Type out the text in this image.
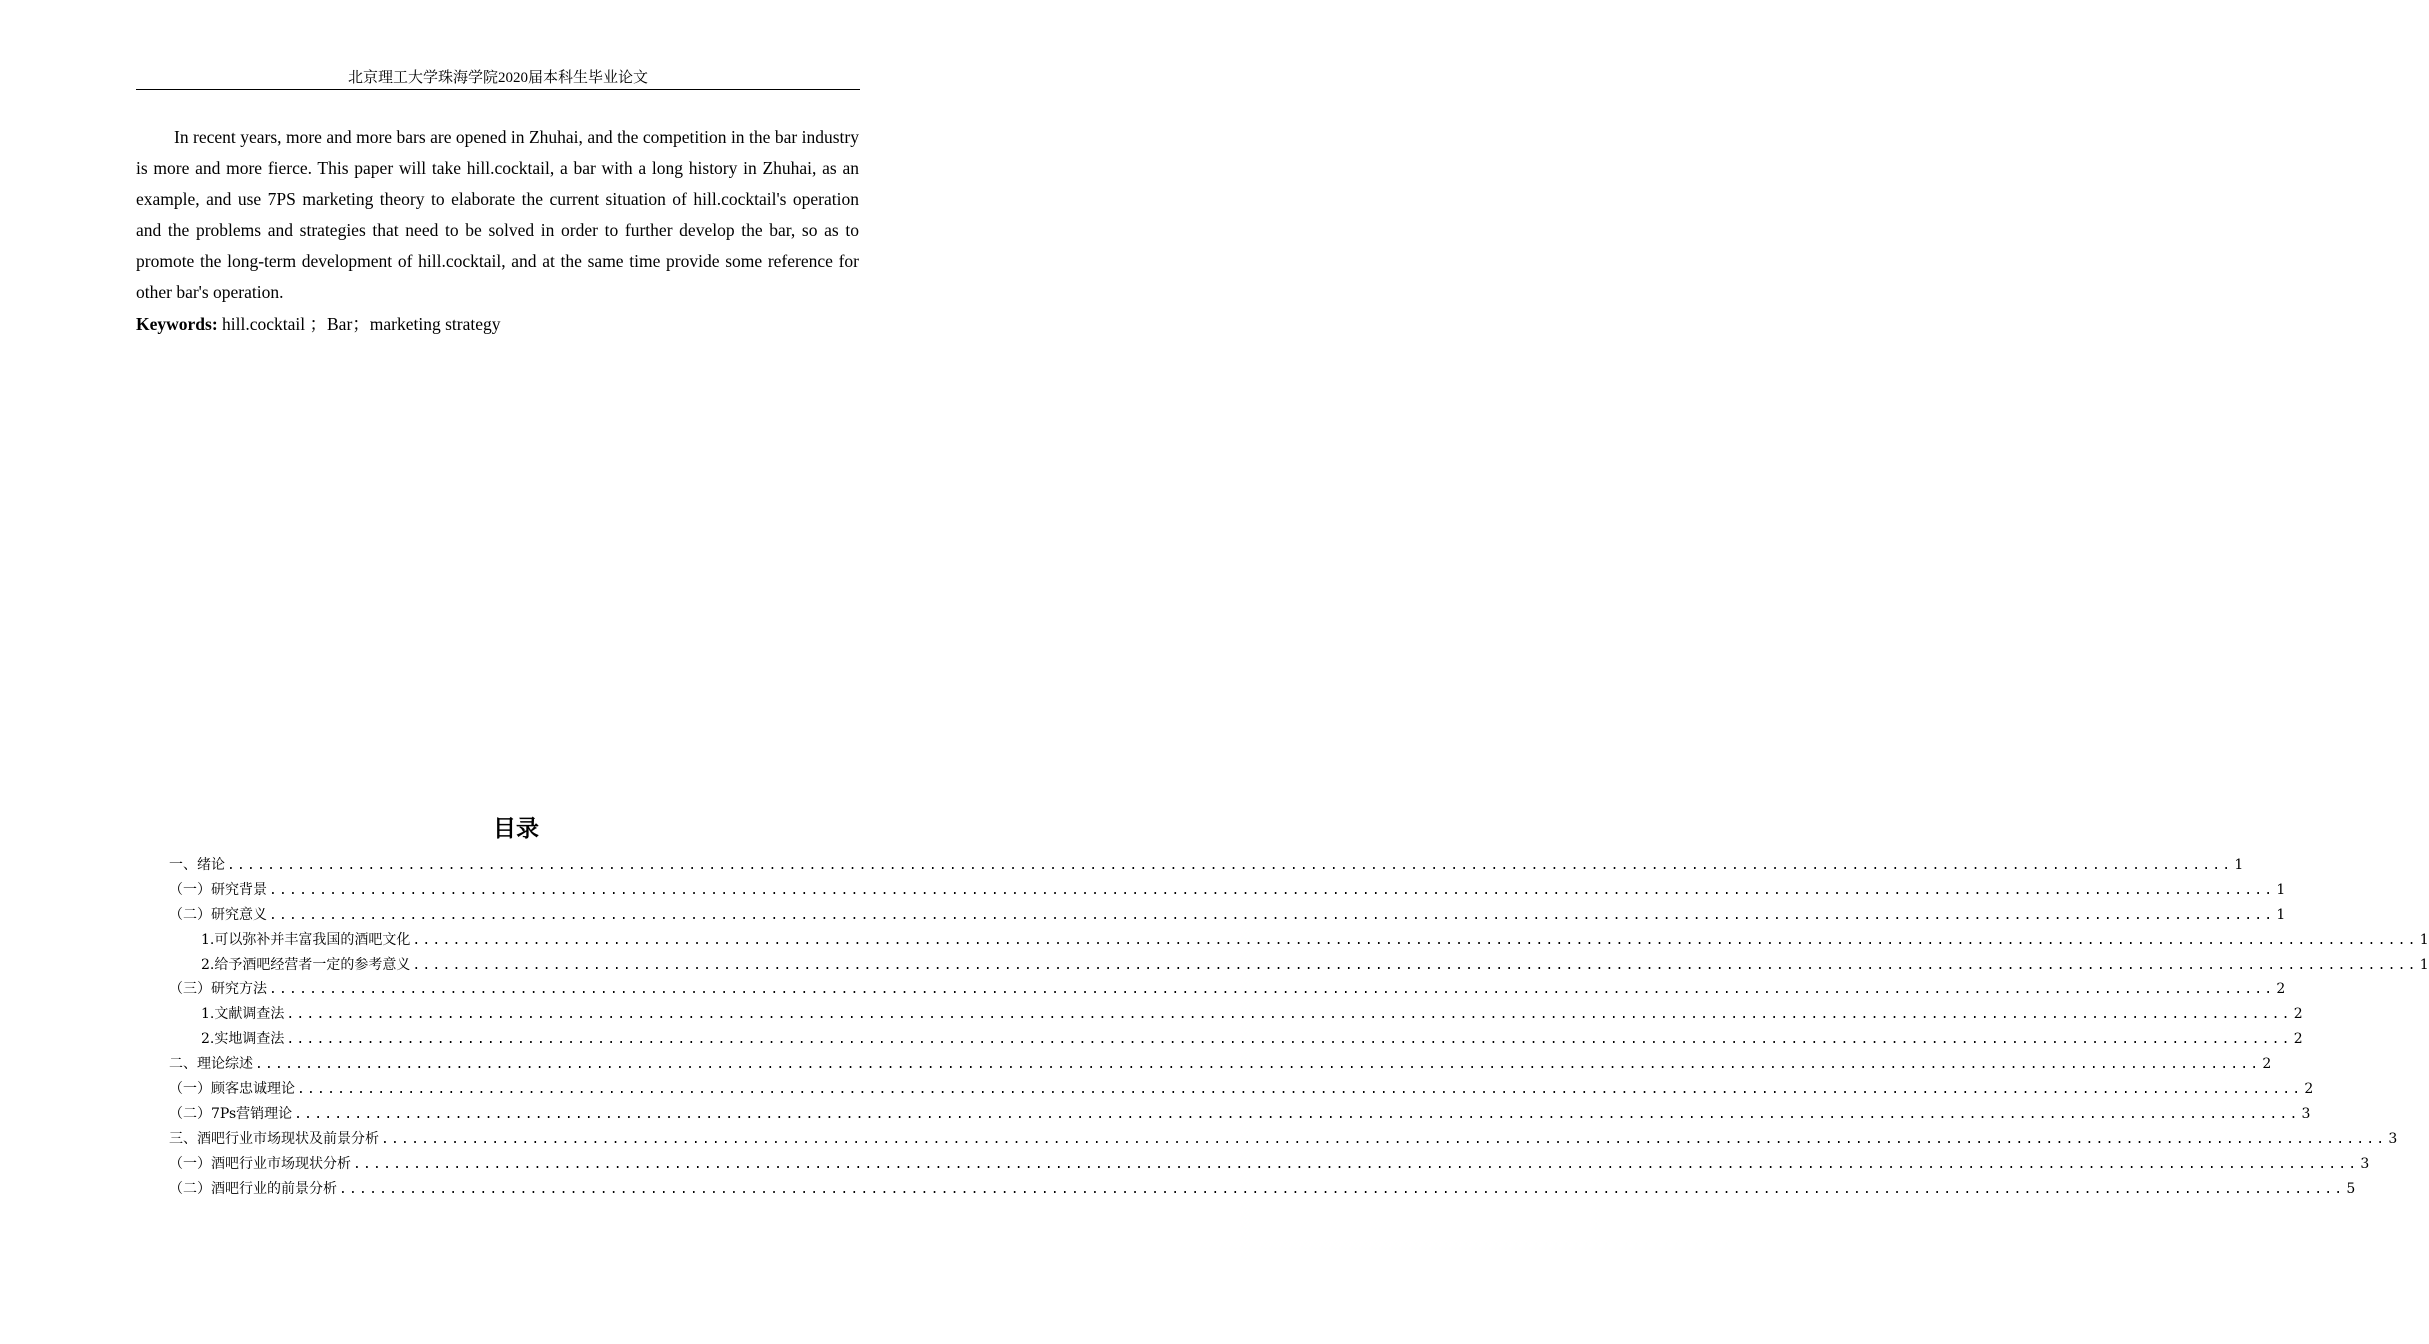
北京理工大学珠海学院2020届本科生毕业论文

In recent years, more and more bars are opened in Zhuhai, and the competition in the bar industry is more and more fierce. This paper will take hill.cocktail, a bar with a long history in Zhuhai, as an example, and use 7PS marketing theory to elaborate the current situation of hill.cocktail's operation and the problems and strategies that need to be solved in order to further develop the bar, so as to promote the long-term development of hill.cocktail, and at the same time provide some reference for other bar's operation.

Keywords: hill.cocktail ；Bar；marketing strategy

目录
一、绪论 ........................................................................................................................................................................................................ 1
（一）研究背景 ........................................................................................................................................................................................................ 1
（二）研究意义 ........................................................................................................................................................................................................ 1
1.可以弥补并丰富我国的酒吧文化 ........................................................................................................................................................................................................ 1
2.给予酒吧经营者一定的参考意义 ........................................................................................................................................................................................................ 1
（三）研究方法 ........................................................................................................................................................................................................ 2
1.文献调查法 ........................................................................................................................................................................................................ 2
2.实地调查法 ........................................................................................................................................................................................................ 2
二、理论综述 ........................................................................................................................................................................................................ 2
（一）顾客忠诚理论 ........................................................................................................................................................................................................ 2
（二）7Ps营销理论 ........................................................................................................................................................................................................ 3
三、酒吧行业市场现状及前景分析 ........................................................................................................................................................................................................ 3
（一）酒吧行业市场现状分析 ........................................................................................................................................................................................................ 3
（二）酒吧行业的前景分析 ........................................................................................................................................................................................................ 5
